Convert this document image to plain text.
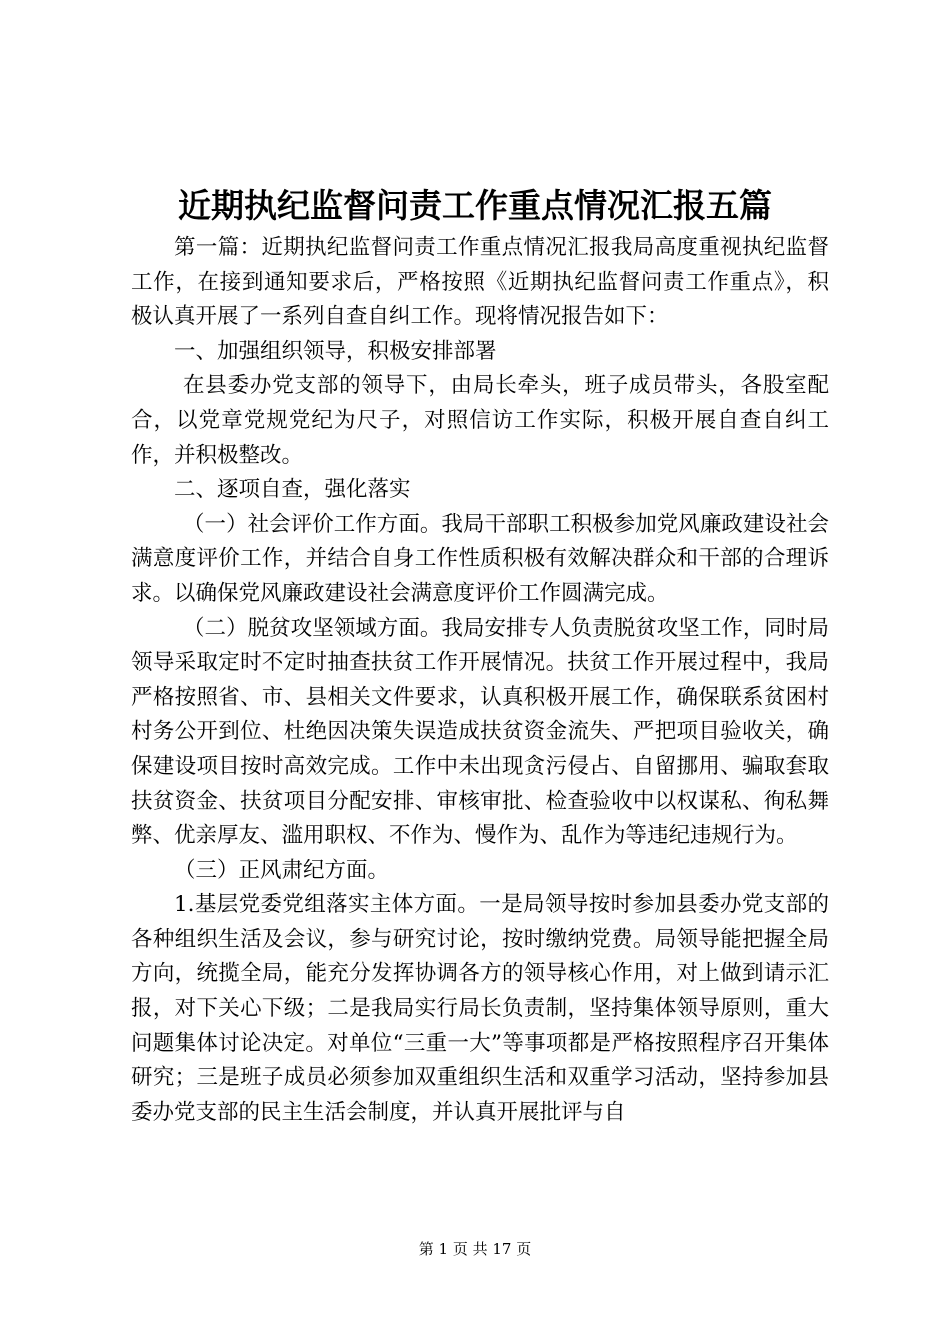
近期执纪监督问责工作重点情况汇报五篇

第一篇：近期执纪监督问责工作重点情况汇报我局高度重视执纪监督工作，在接到通知要求后，严格按照《近期执纪监督问责工作重点》，积极认真开展了一系列自查自纠工作。现将情况报告如下：

一、加强组织领导，积极安排部署

在县委办党支部的领导下，由局长牵头，班子成员带头，各股室配合，以党章党规党纪为尺子，对照信访工作实际，积极开展自查自纠工作，并积极整改。

二、逐项自查，强化落实

（一）社会评价工作方面。我局干部职工积极参加党风廉政建设社会满意度评价工作，并结合自身工作性质积极有效解决群众和干部的合理诉求。以确保党风廉政建设社会满意度评价工作圆满完成。

（二）脱贫攻坚领域方面。我局安排专人负责脱贫攻坚工作，同时局领导采取定时不定时抽查扶贫工作开展情况。扶贫工作开展过程中，我局严格按照省、市、县相关文件要求，认真积极开展工作，确保联系贫困村村务公开到位、杜绝因决策失误造成扶贫资金流失、严把项目验收关，确保建设项目按时高效完成。工作中未出现贪污侵占、自留挪用、骗取套取扶贫资金、扶贫项目分配安排、审核审批、检查验收中以权谋私、徇私舞弊、优亲厚友、滥用职权、不作为、慢作为、乱作为等违纪违规行为。

（三）正风肃纪方面。

1.基层党委党组落实主体方面。一是局领导按时参加县委办党支部的各种组织生活及会议，参与研究讨论，按时缴纳党费。局领导能把握全局方向，统揽全局，能充分发挥协调各方的领导核心作用，对上做到请示汇报，对下关心下级；二是我局实行局长负责制，坚持集体领导原则，重大问题集体讨论决定。对单位“三重一大”等事项都是严格按照程序召开集体研究；三是班子成员必须参加双重组织生活和双重学习活动，坚持参加县委办党支部的民主生活会制度，并认真开展批评与自

第 1 页 共 17 页
